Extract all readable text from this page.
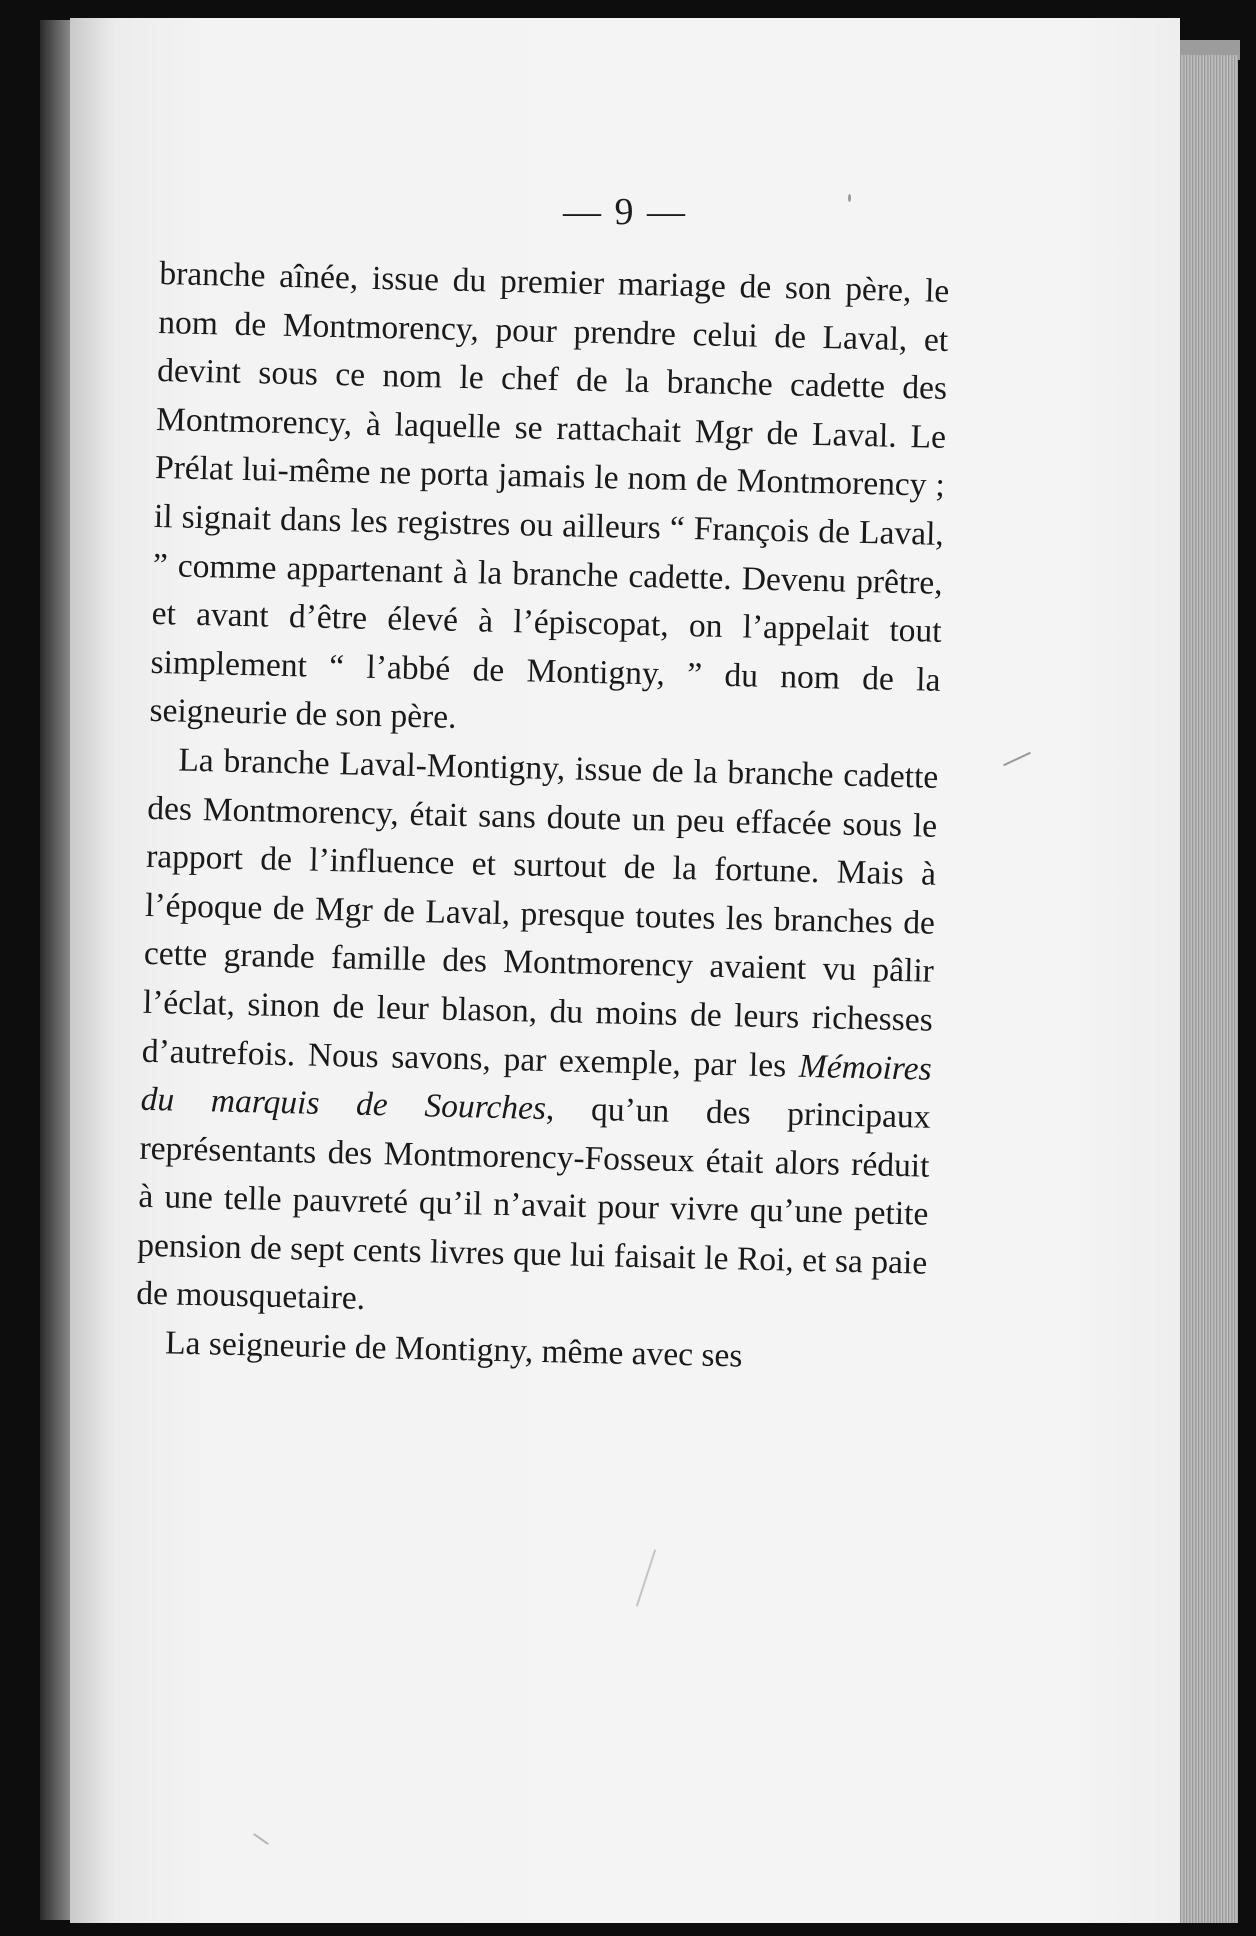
— 9 —

branche aînée, issue du premier mariage de son père, le nom de Montmorency, pour prendre celui de Laval, et devint sous ce nom le chef de la branche cadette des Montmorency, à laquelle se rattachait Mgr de Laval. Le Prélat lui-même ne porta jamais le nom de Montmorency ; il signait dans les registres ou ailleurs “ François de Laval, ” comme appartenant à la branche cadette. Devenu prêtre, et avant d’être élevé à l’épiscopat, on l’appelait tout simplement “ l’abbé de Montigny, ” du nom de la seigneurie de son père.

La branche Laval-Montigny, issue de la branche cadette des Montmorency, était sans doute un peu effacée sous le rapport de l’influence et surtout de la fortune. Mais à l’époque de Mgr de Laval, presque toutes les branches de cette grande famille des Montmorency avaient vu pâlir l’éclat, sinon de leur blason, du moins de leurs richesses d’autrefois. Nous savons, par exemple, par les Mémoires du marquis de Sourches, qu’un des principaux représentants des Montmorency-Fosseux était alors réduit à une telle pauvreté qu’il n’avait pour vivre qu’une petite pension de sept cents livres que lui faisait le Roi, et sa paie de mousquetaire.

La seigneurie de Montigny, même avec ses
